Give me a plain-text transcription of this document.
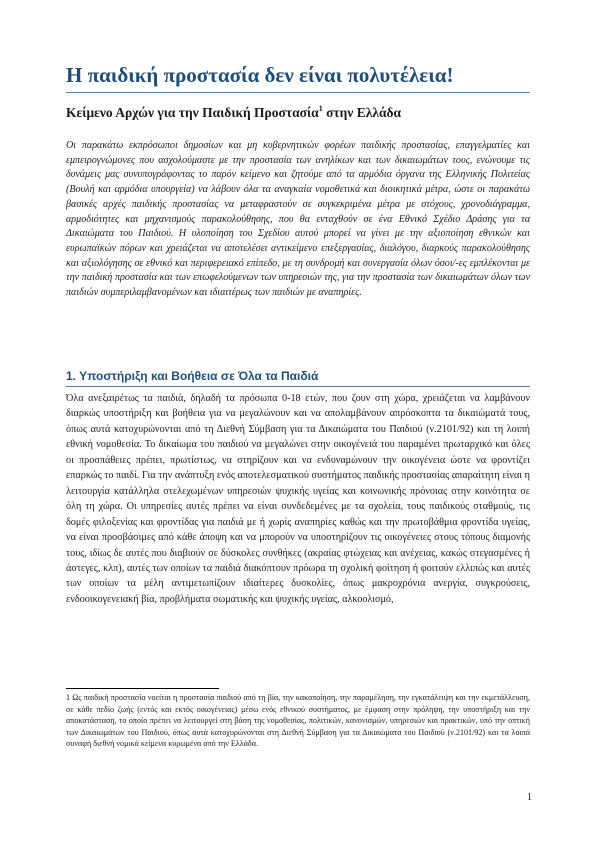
Η παιδική προστασία δεν είναι πολυτέλεια!
Κείμενο Αρχών για την Παιδική Προστασία$^1$ στην Ελλάδα
Οι παρακάτω εκπρόσωποι δημοσίων και μη κυβερνητικών φορέων παιδικής προστασίας, επαγγελματίες και εμπειρογνώμονες που ασχολούμαστε με την προστασία των ανηλίκων και των δικαιωμάτων τους, ενώνουμε τις δυνάμεις μας συνυπογράφοντας το παρόν κείμενο και ζητούμε από τα αρμόδια όργανα της Ελληνικής Πολιτείας (Βουλή και αρμόδια υπουργεία) να λάβουν όλα τα αναγκαία νομοθετικά και διοικητικά μέτρα, ώστε οι παρακάτω βασικές αρχές παιδικής προστασίας να μεταφραστούν σε συγκεκριμένα μέτρα με στόχους, χρονοδιάγραμμα, αρμοδιότητες και μηχανισμούς παρακολούθησης, που θα ενταχθούν σε ένα Εθνικό Σχέδιο Δράσης για τα Δικαιώματα του Παιδιού. Η υλοποίηση του Σχεδίου αυτού μπορεί να γίνει με την αξιοποίηση εθνικών και ευρωπαϊκών πόρων και χρειάζεται να αποτελέσει αντικείμενο επεξεργασίας, διαλόγου, διαρκούς παρακολούθησης και αξιολόγησης σε εθνικό και περιφερειακό επίπεδο, με τη συνδρομή και συνεργασία όλων όσοι/-ες εμπλέκονται με την παιδική προστασία και των επωφελούμενων των υπηρεσιών της, για την προστασία των δικαιωμάτων όλων των παιδιών συμπεριλαμβανομένων και ιδιαιτέρως των παιδιών με αναπηρίες.
1. Υποστήριξη και Βοήθεια σε Όλα τα Παιδιά
Όλα ανεξαιρέτως τα παιδιά, δηλαδή τα πρόσωπα 0-18 ετών, που ζουν στη χώρα, χρειάζεται να λαμβάνουν διαρκώς υποστήριξη και βοήθεια για να μεγαλώνουν και να απολαμβάνουν απρόσκοπτα τα δικαιώματά τους, όπως αυτά κατοχυρώνονται από τη Διεθνή Σύμβαση για τα Δικαιώματα του Παιδιού (ν.2101/92) και τη λοιπή εθνική νομοθεσία. Το δικαίωμα του παιδιού να μεγαλώνει στην οικογένειά του παραμένει πρωταρχικό και όλες οι προσπάθειες πρέπει, πρωτίστως, να στηρίζουν και να ενδυναμώνουν την οικογένεια ώστε να φροντίζει επαρκώς το παιδί. Για την ανάπτυξη ενός αποτελεσματικού συστήματος παιδικής προστασίας απαραίτητη είναι η λειτουργία κατάλληλα στελεχωμένων υπηρεσιών ψυχικής υγείας και κοινωνικής πρόνοιας στην κοινότητα σε όλη τη χώρα. Οι υπηρεσίες αυτές πρέπει να είναι συνδεδεμένες με τα σχολεία, τους παιδικούς σταθμούς, τις δομές φιλοξενίας και φροντίδας για παιδιά με ή χωρίς αναπηρίες καθώς και την πρωτοβάθμια φροντίδα υγείας, να είναι προσβάσιμες από κάθε άποψη και να μπορούν να υποστηρίζουν τις οικογένειες στους τόπους διαμονής τους, ιδίως δε αυτές που διαβιούν σε δύσκολες συνθήκες (ακραίας φτώχειας και ανέχειας, κακώς στεγασμένες ή άστεγες, κλπ), αυτές των οποίων τα παιδιά διακόπτουν πρόωρα τη σχολική φοίτηση ή φοιτούν ελλιπώς και αυτές των οποίων τα μέλη αντιμετωπίζουν ιδιαίτερες δυσκολίες, όπως μακροχρόνια ανεργία, συγκρούσεις, ενδοοικογενειακή βία, προβλήματα σωματικής και ψυχικής υγείας, αλκοολισμό,
1 Ως παιδική προστασία νοείται η προστασία παιδιού από τη βία, την κακοποίηση, την παραμέληση, την εγκατάλειψη και την εκμετάλλευση, σε κάθε πεδίο ζωής (εντός και εκτός οικογένειας) μέσω ενός εθνικού συστήματος, με έμφαση στην πρόληψη, την υποστήριξη και την αποκατάσταση, το οποίο πρέπει να λειτουργεί στη βάση της νομοθεσίας, πολιτικών, κανονισμών, υπηρεσιών και πρακτικών, υπό την οπτική των Δικαιωμάτων του Παιδιού, όπως αυτά κατοχυρώνονται στη Διεθνή Σύμβαση για τα Δικαιώματα του Παιδιού (ν.2101/92) και τα λοιπά συναφή διεθνή νομικά κείμενα κυρωμένα από την Ελλάδα.
1
